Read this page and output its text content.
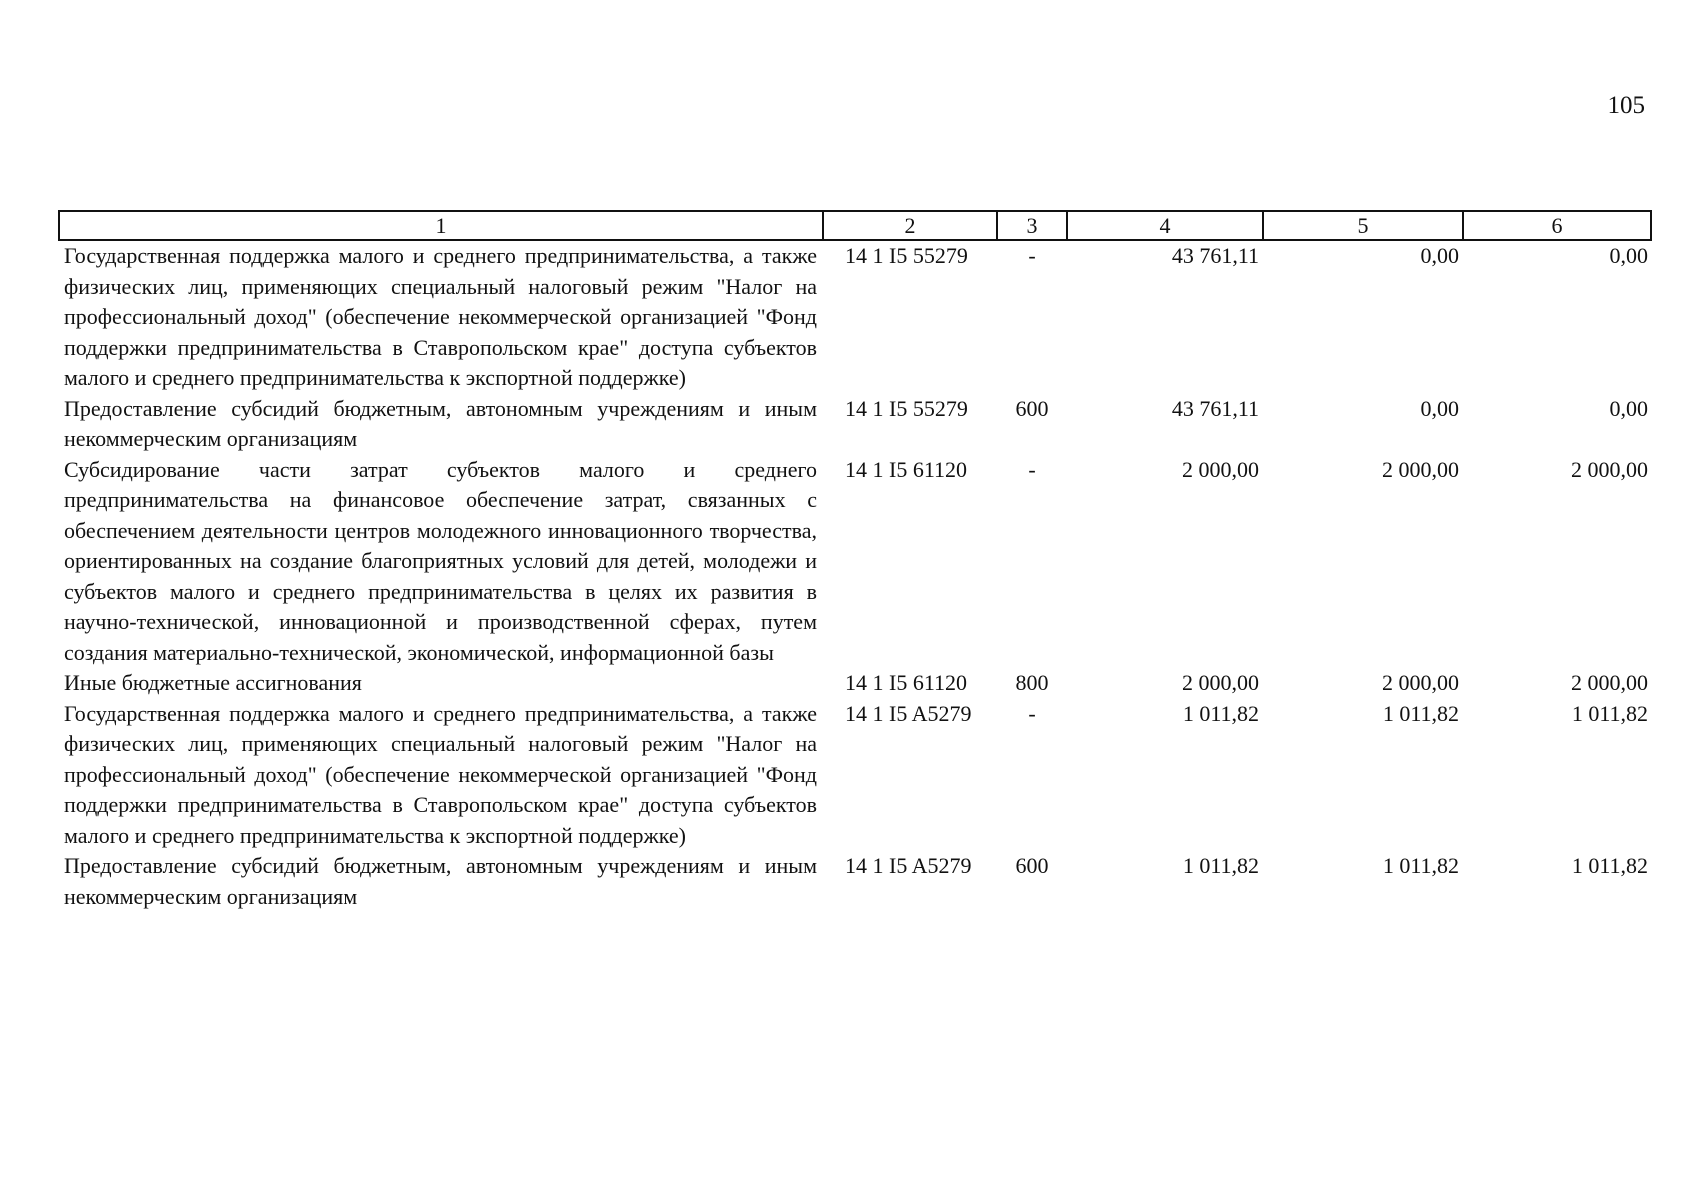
105
1	2	3	4	5	6
Государственная поддержка малого и среднего предпринимательства, а также физических лиц, применяющих специальный налоговый режим "Налог на профессиональный доход" (обеспечение некоммерческой организацией "Фонд поддержки предпринимательства в Ставропольском крае" доступа субъектов малого и среднего предпринимательства к экспортной поддержке)	14 1 I5 55279	-	43 761,11	0,00	0,00
Предоставление субсидий бюджетным, автономным учреждениям и иным некоммерческим организациям	14 1 I5 55279	600	43 761,11	0,00	0,00
Субсидирование части затрат субъектов малого и среднего предпринимательства на финансовое обеспечение затрат, связанных с обеспечением деятельности центров молодежного инновационного творчества, ориентированных на создание благоприятных условий для детей, молодежи и субъектов малого и среднего предпринимательства в целях их развития в научно-технической, инновационной и производственной сферах, путем создания материально-технической, экономической, информационной базы	14 1 I5 61120	-	2 000,00	2 000,00	2 000,00
Иные бюджетные ассигнования	14 1 I5 61120	800	2 000,00	2 000,00	2 000,00
Государственная поддержка малого и среднего предпринимательства, а также физических лиц, применяющих специальный налоговый режим "Налог на профессиональный доход" (обеспечение некоммерческой организацией "Фонд поддержки предпринимательства в Ставропольском крае" доступа субъектов малого и среднего предпринимательства к экспортной поддержке)	14 1 I5 A5279	-	1 011,82	1 011,82	1 011,82
Предоставление субсидий бюджетным, автономным учреждениям и иным некоммерческим организациям	14 1 I5 A5279	600	1 011,82	1 011,82	1 011,82
